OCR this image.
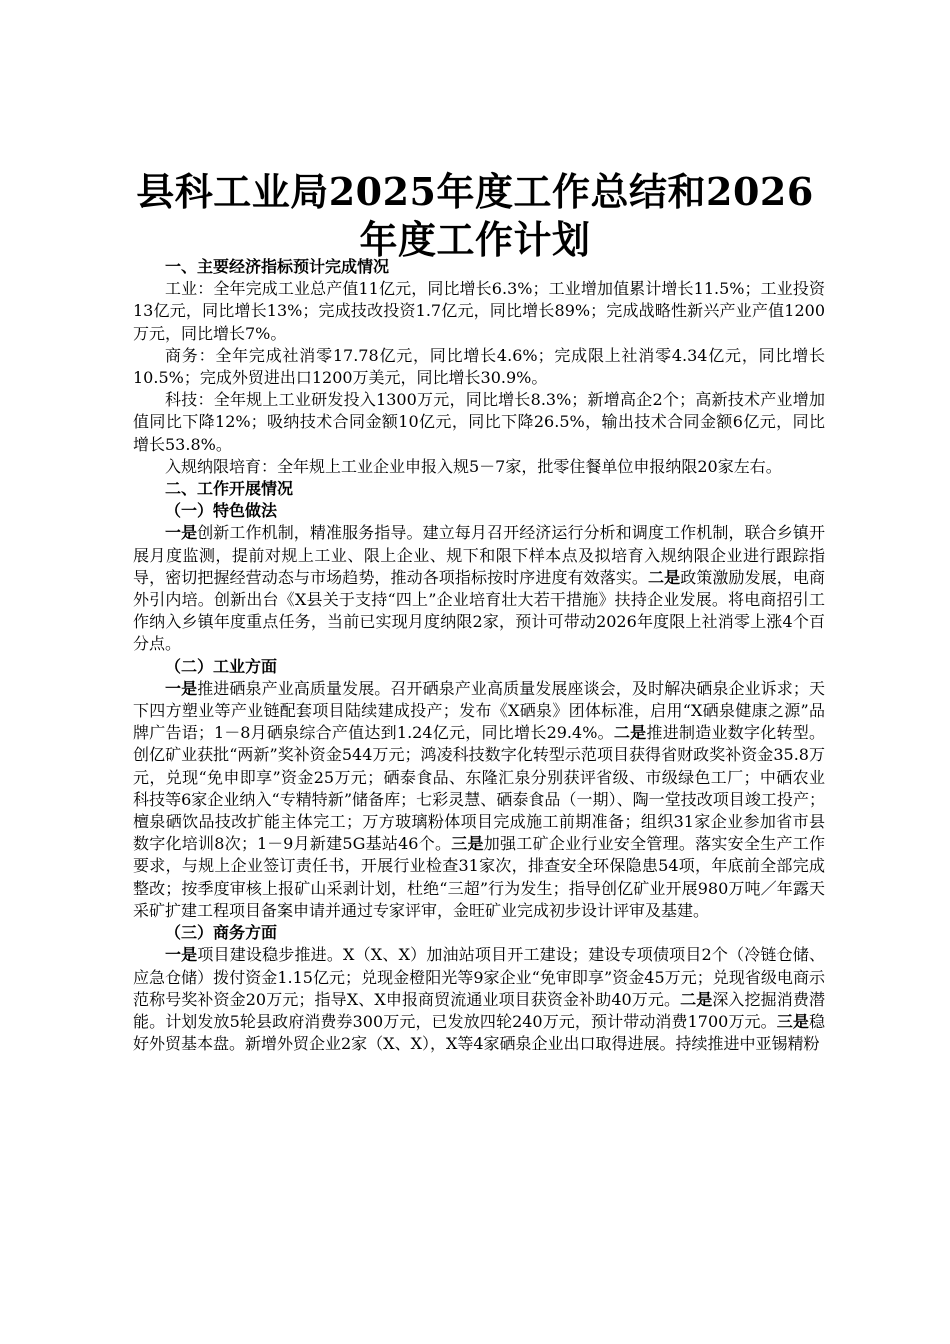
县科工业局2025年度工作总结和2026年度工作计划

一、主要经济指标预计完成情况

工业：全年完成工业总产值11亿元，同比增长6.3%；工业增加值累计增长11.5%；工业投资13亿元，同比增长13%；完成技改投资1.7亿元，同比增长89%；完成战略性新兴产业产值1200万元，同比增长7%。

商务：全年完成社消零17.78亿元，同比增长4.6%；完成限上社消零4.34亿元，同比增长10.5%；完成外贸进出口1200万美元，同比增长30.9%。

科技：全年规上工业研发投入1300万元，同比增长8.3%；新增高企2个；高新技术产业增加值同比下降12%；吸纳技术合同金额10亿元，同比下降26.5%，输出技术合同金额6亿元，同比增长53.8%。

入规纳限培育：全年规上工业企业申报入规5－7家，批零住餐单位申报纳限20家左右。

二、工作开展情况

（一）特色做法

一是创新工作机制，精准服务指导。建立每月召开经济运行分析和调度工作机制，联合乡镇开展月度监测，提前对规上工业、限上企业、规下和限下样本点及拟培育入规纳限企业进行跟踪指导，密切把握经营动态与市场趋势，推动各项指标按时序进度有效落实。二是政策激励发展，电商外引内培。创新出台《X县关于支持“四上”企业培育壮大若干措施》扶持企业发展。将电商招引工作纳入乡镇年度重点任务，当前已实现月度纳限2家，预计可带动2026年度限上社消零上涨4个百分点。

（二）工业方面

一是推进硒泉产业高质量发展。召开硒泉产业高质量发展座谈会，及时解决硒泉企业诉求；天下四方塑业等产业链配套项目陆续建成投产；发布《X硒泉》团体标准，启用“X硒泉健康之源”品牌广告语；1－8月硒泉综合产值达到1.24亿元，同比增长29.4%。二是推进制造业数字化转型。创亿矿业获批“两新”奖补资金544万元；鸿凌科技数字化转型示范项目获得省财政奖补资金35.8万元，兑现“免申即享”资金25万元；硒泰食品、东隆汇泉分别获评省级、市级绿色工厂；中硒农业科技等6家企业纳入“专精特新”储备库；七彩灵慧、硒泰食品（一期）、陶一堂技改项目竣工投产；檀泉硒饮品技改扩能主体完工；万方玻璃粉体项目完成施工前期准备；组织31家企业参加省市县数字化培训8次；1－9月新建5G基站46个。三是加强工矿企业行业安全管理。落实安全生产工作要求，与规上企业签订责任书，开展行业检查31家次，排查安全环保隐患54项，年底前全部完成整改；按季度审核上报矿山采剥计划，杜绝“三超”行为发生；指导创亿矿业开展980万吨／年露天采矿扩建工程项目备案申请并通过专家评审，金旺矿业完成初步设计评审及基建。

（三）商务方面

一是项目建设稳步推进。X（X、X）加油站项目开工建设；建设专项债项目2个（冷链仓储、应急仓储）拨付资金1.15亿元；兑现金橙阳光等9家企业“免审即享”资金45万元；兑现省级电商示范称号奖补资金20万元；指导X、X申报商贸流通业项目获资金补助40万元。二是深入挖掘消费潜能。计划发放5轮县政府消费券300万元，已发放四轮240万元，预计带动消费1700万元。三是稳好外贸基本盘。新增外贸企业2家（X、X），X等4家硒泉企业出口取得进展。持续推进中亚锡精粉
